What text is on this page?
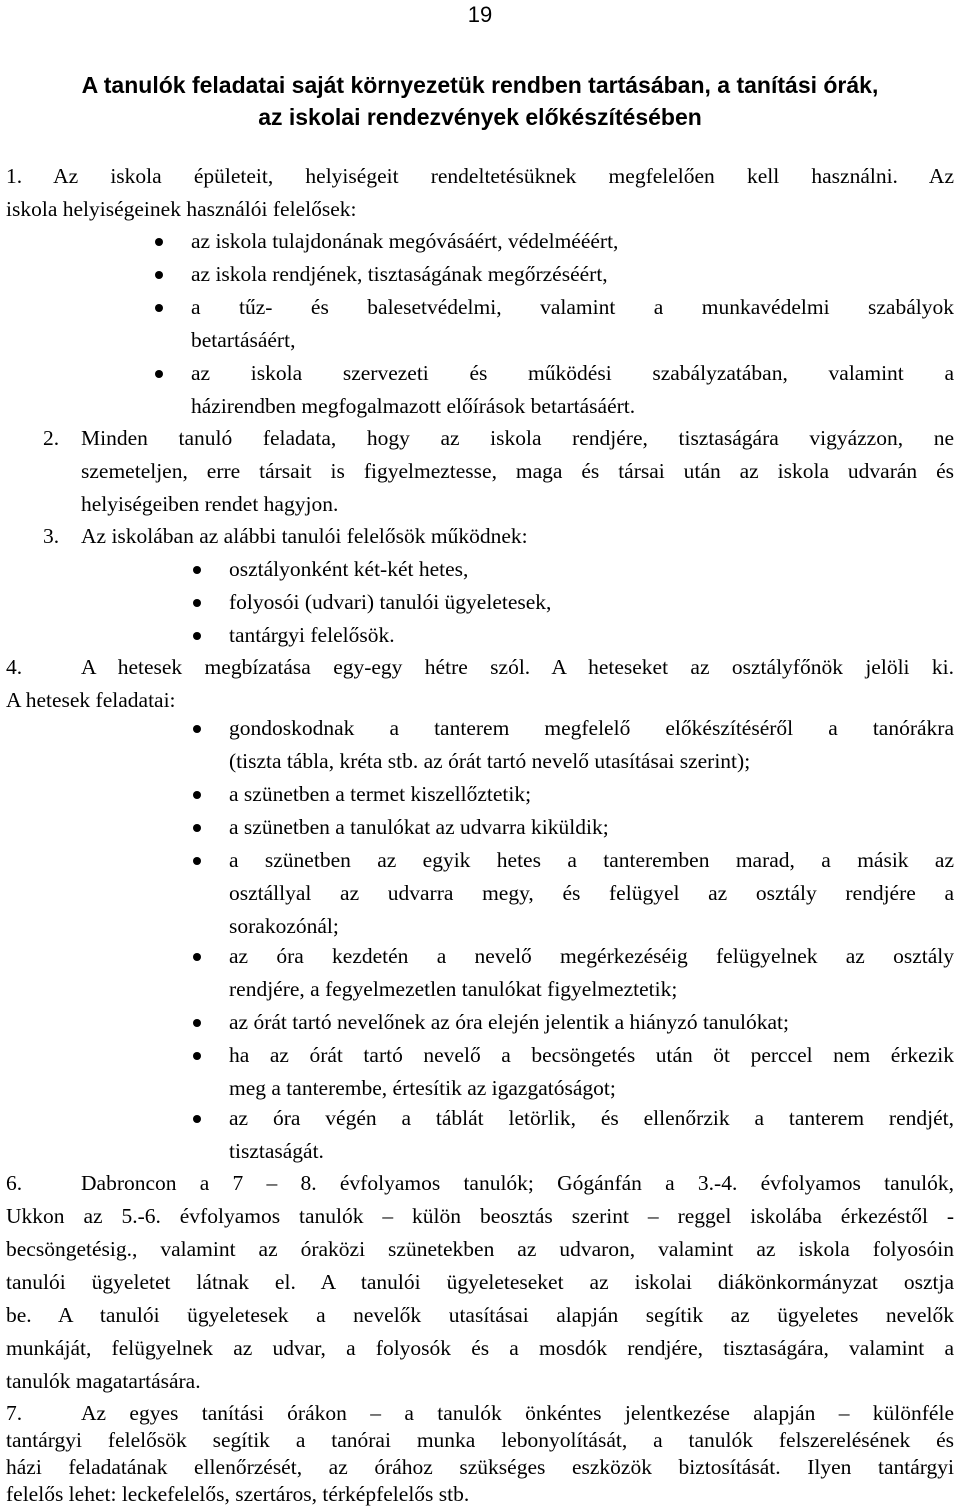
19
A tanulók feladatai saját környezetük rendben tartásában, a tanítási órák,
az iskolai rendezvények előkészítésében
1. Az iskola épületeit, helyiségeit rendeltetésüknek megfelelően kell használni. Az
iskola helyiségeinek használói felelősek:
az iskola tulajdonának megóvásáért, védelmééért,
az iskola rendjének, tisztaságának megőrzéséért,
a tűz- és balesetvédelmi, valamint a munkavédelmi szabályok
betartásáért,
az iskola szervezeti és működési szabályzatában, valamint a
házirendben megfogalmazott előírások betartásáért.
2. Minden tanuló feladata, hogy az iskola rendjére, tisztaságára vigyázzon, ne
szemeteljen, erre társait is figyelmeztesse, maga és társai után az iskola udvarán és
helyiségeiben rendet hagyjon.
3. Az iskolában az alábbi tanulói felelősök működnek:
osztályonként két-két hetes,
folyosói (udvari) tanulói ügyeletesek,
tantárgyi felelősök.
4.	A hetesek megbízatása egy-egy hétre szól. A heteseket az osztályfőnök jelöli ki.
A hetesek feladatai:
gondoskodnak a tanterem megfelelő előkészítéséről a tanórákra
(tiszta tábla, kréta stb. az órát tartó nevelő utasításai szerint);
a szünetben a termet kiszellőztetik;
a szünetben a tanulókat az udvarra kiküldik;
a szünetben az egyik hetes a tanteremben marad, a másik az
osztállyal az udvarra megy, és felügyel az osztály rendjére a
sorakozónál;
az óra kezdetén a nevelő megérkezéséig felügyelnek az osztály
rendjére, a fegyelmezetlen tanulókat figyelmeztetik;
az órát tartó nevelőnek az óra elején jelentik a hiányzó tanulókat;
ha az órát tartó nevelő a becsöngetés után öt perccel nem érkezik
meg a tanterembe, értesítik az igazgatóságot;
az óra végén a táblát letörlik, és ellenőrzik a tanterem rendjét,
tisztaságát.
6.	Dabroncon a 7 – 8. évfolyamos tanulók; Gógánfán a 3.-4. évfolyamos tanulók,
Ukkon az 5.-6. évfolyamos tanulók – külön beosztás szerint – reggel iskolába érkezéstől -
becsöngetésig., valamint az óraközi szünetekben az udvaron, valamint az iskola folyosóin
tanulói ügyeletet látnak el. A tanulói ügyeleteseket az iskolai diákönkormányzat osztja
be. A tanulói ügyeletesek a nevelők utasításai alapján segítik az ügyeletes nevelők
munkáját, felügyelnek az udvar, a folyosók és a mosdók rendjére, tisztaságára, valamint a
tanulók magatartására.
7.	Az egyes tanítási órákon – a tanulók önkéntes jelentkezése alapján – különféle
tantárgyi felelősök segítik a tanórai munka lebonyolítását, a tanulók felszerelésének és
házi feladatának ellenőrzését, az órához szükséges eszközök biztosítását. Ilyen tantárgyi
felelős lehet: leckefelelős, szertáros, térképfelelős stb.
